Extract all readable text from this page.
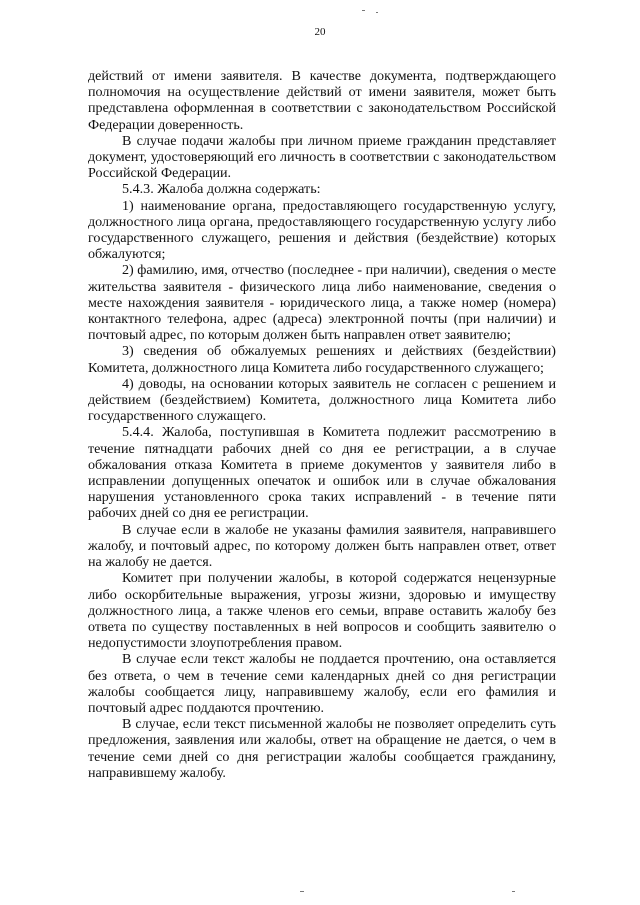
20

действий от имени заявителя. В качестве документа, подтверждающего полномочия на осуществление действий от имени заявителя, может быть представлена оформленная в соответствии с законодательством Российской Федерации доверенность.

В случае подачи жалобы при личном приеме гражданин представляет документ, удостоверяющий его личность в соответствии с законодательством Российской Федерации.

5.4.3. Жалоба должна содержать:

1) наименование органа, предоставляющего государственную услугу, должностного лица органа, предоставляющего государственную услугу либо государственного служащего, решения и действия (бездействие) которых обжалуются;

2) фамилию, имя, отчество (последнее - при наличии), сведения о месте жительства заявителя - физического лица либо наименование, сведения о месте нахождения заявителя - юридического лица, а также номер (номера) контактного телефона, адрес (адреса) электронной почты (при наличии) и почтовый адрес, по которым должен быть направлен ответ заявителю;

3) сведения об обжалуемых решениях и действиях (бездействии) Комитета, должностного лица Комитета либо государственного служащего;

4) доводы, на основании которых заявитель не согласен с решением и действием (бездействием) Комитета, должностного лица Комитета либо государственного служащего.

5.4.4. Жалоба, поступившая в Комитета подлежит рассмотрению в течение пятнадцати рабочих дней со дня ее регистрации, а в случае обжалования отказа Комитета в приеме документов у заявителя либо в исправлении допущенных опечаток и ошибок или в случае обжалования нарушения установленного срока таких исправлений - в течение пяти рабочих дней со дня ее регистрации.

В случае если в жалобе не указаны фамилия заявителя, направившего жалобу, и почтовый адрес, по которому должен быть направлен ответ, ответ на жалобу не дается.

Комитет при получении жалобы, в которой содержатся нецензурные либо оскорбительные выражения, угрозы жизни, здоровью и имуществу должностного лица, а также членов его семьи, вправе оставить жалобу без ответа по существу поставленных в ней вопросов и сообщить заявителю о недопустимости злоупотребления правом.

В случае если текст жалобы не поддается прочтению, она оставляется без ответа, о чем в течение семи календарных дней со дня регистрации жалобы сообщается лицу, направившему жалобу, если его фамилия и почтовый адрес поддаются прочтению.

В случае, если текст письменной жалобы не позволяет определить суть предложения, заявления или жалобы, ответ на обращение не дается, о чем в течение семи дней со дня регистрации жалобы сообщается гражданину, направившему жалобу.
